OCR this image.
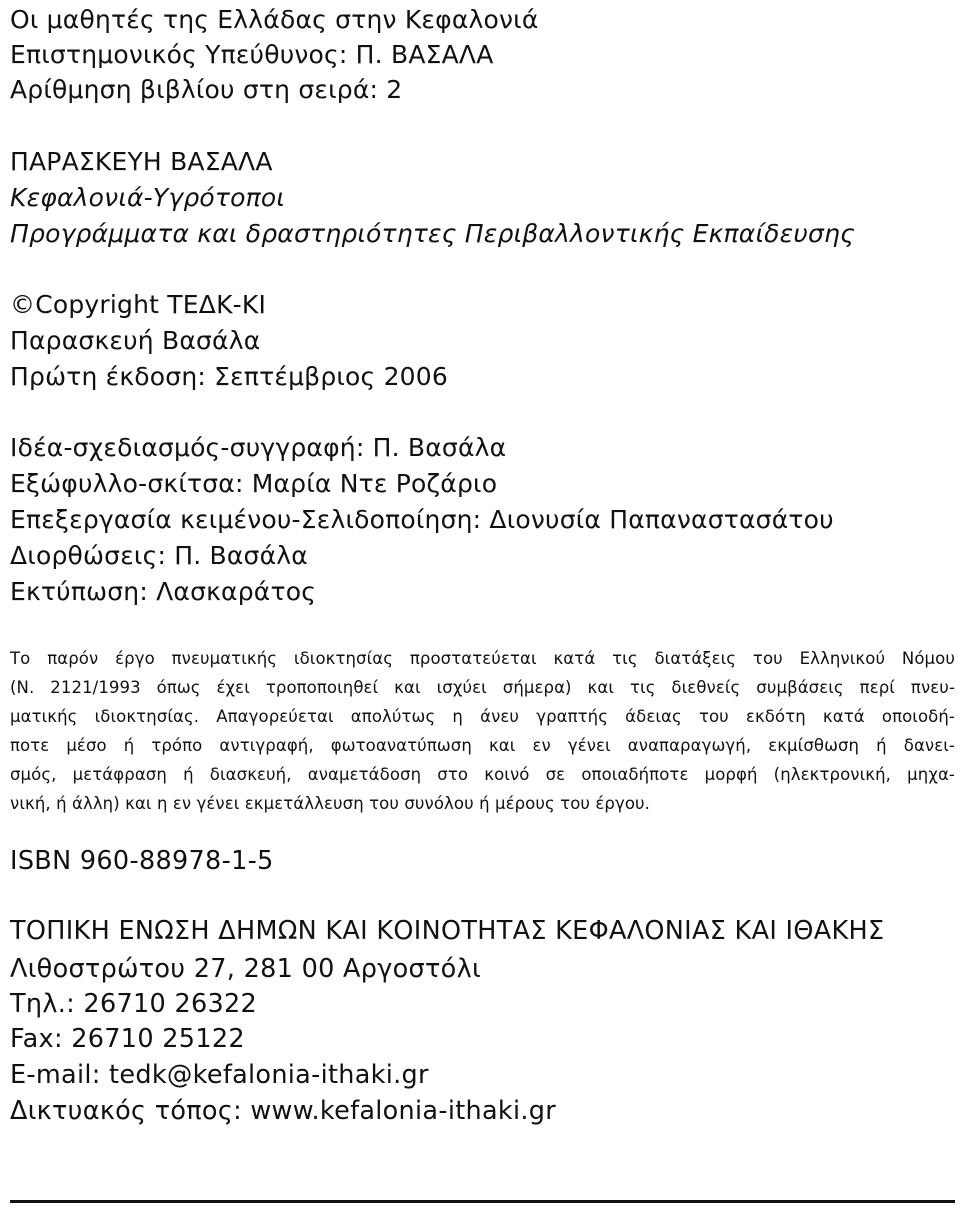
Οι μαθητές της Ελλάδας στην Κεφαλονιά
Επιστημονικός Υπεύθυνος: Π. ΒΑΣΑΛΑ
Αρίθμηση βιβλίου στη σειρά: 2
ΠΑΡΑΣΚΕΥΗ ΒΑΣΑΛΑ
Κεφαλονιά-Υγρότοποι
Προγράμματα και δραστηριότητες Περιβαλλοντικής Εκπαίδευσης
©Copyright ΤΕΔΚ-ΚΙ
Παρασκευή Βασάλα
Πρώτη έκδοση: Σεπτέμβριος 2006
Ιδέα-σχεδιασμός-συγγραφή: Π. Βασάλα
Εξώφυλλο-σκίτσα: Μαρία Ντε Ροζάριο
Επεξεργασία κειμένου-Σελιδοποίηση: Διονυσία Παπαναστασάτου
Διορθώσεις: Π. Βασάλα
Εκτύπωση: Λασκαράτος
Το παρόν έργο πνευματικής ιδιοκτησίας προστατεύεται κατά τις διατάξεις του Ελληνικού Νόμου
(Ν. 2121/1993 όπως έχει τροποποιηθεί και ισχύει σήμερα) και τις διεθνείς συμβάσεις περί πνευ-
ματικής ιδιοκτησίας. Απαγορεύεται απολύτως η άνευ γραπτής άδειας του εκδότη κατά οποιοδή-
ποτε μέσο ή τρόπο αντιγραφή, φωτοανατύπωση και εν γένει αναπαραγωγή, εκμίσθωση ή δανει-
σμός, μετάφραση ή διασκευή, αναμετάδοση στο κοινό σε οποιαδήποτε μορφή (ηλεκτρονική, μηχα-
νική, ή άλλη) και η εν γένει εκμετάλλευση του συνόλου ή μέρους του έργου.
ISBN 960-88978-1-5
ΤΟΠΙΚΗ ΕΝΩΣΗ ΔΗΜΩΝ ΚΑΙ ΚΟΙΝΟΤΗΤΑΣ ΚΕΦΑΛΟΝΙΑΣ ΚΑΙ ΙΘΑΚΗΣ
Λιθοστρώτου 27, 281 00 Αργοστόλι
Τηλ.: 26710 26322
Fax: 26710 25122
E-mail: tedk@kefalonia-ithaki.gr
Δικτυακός τόπος: www.kefalonia-ithaki.gr
